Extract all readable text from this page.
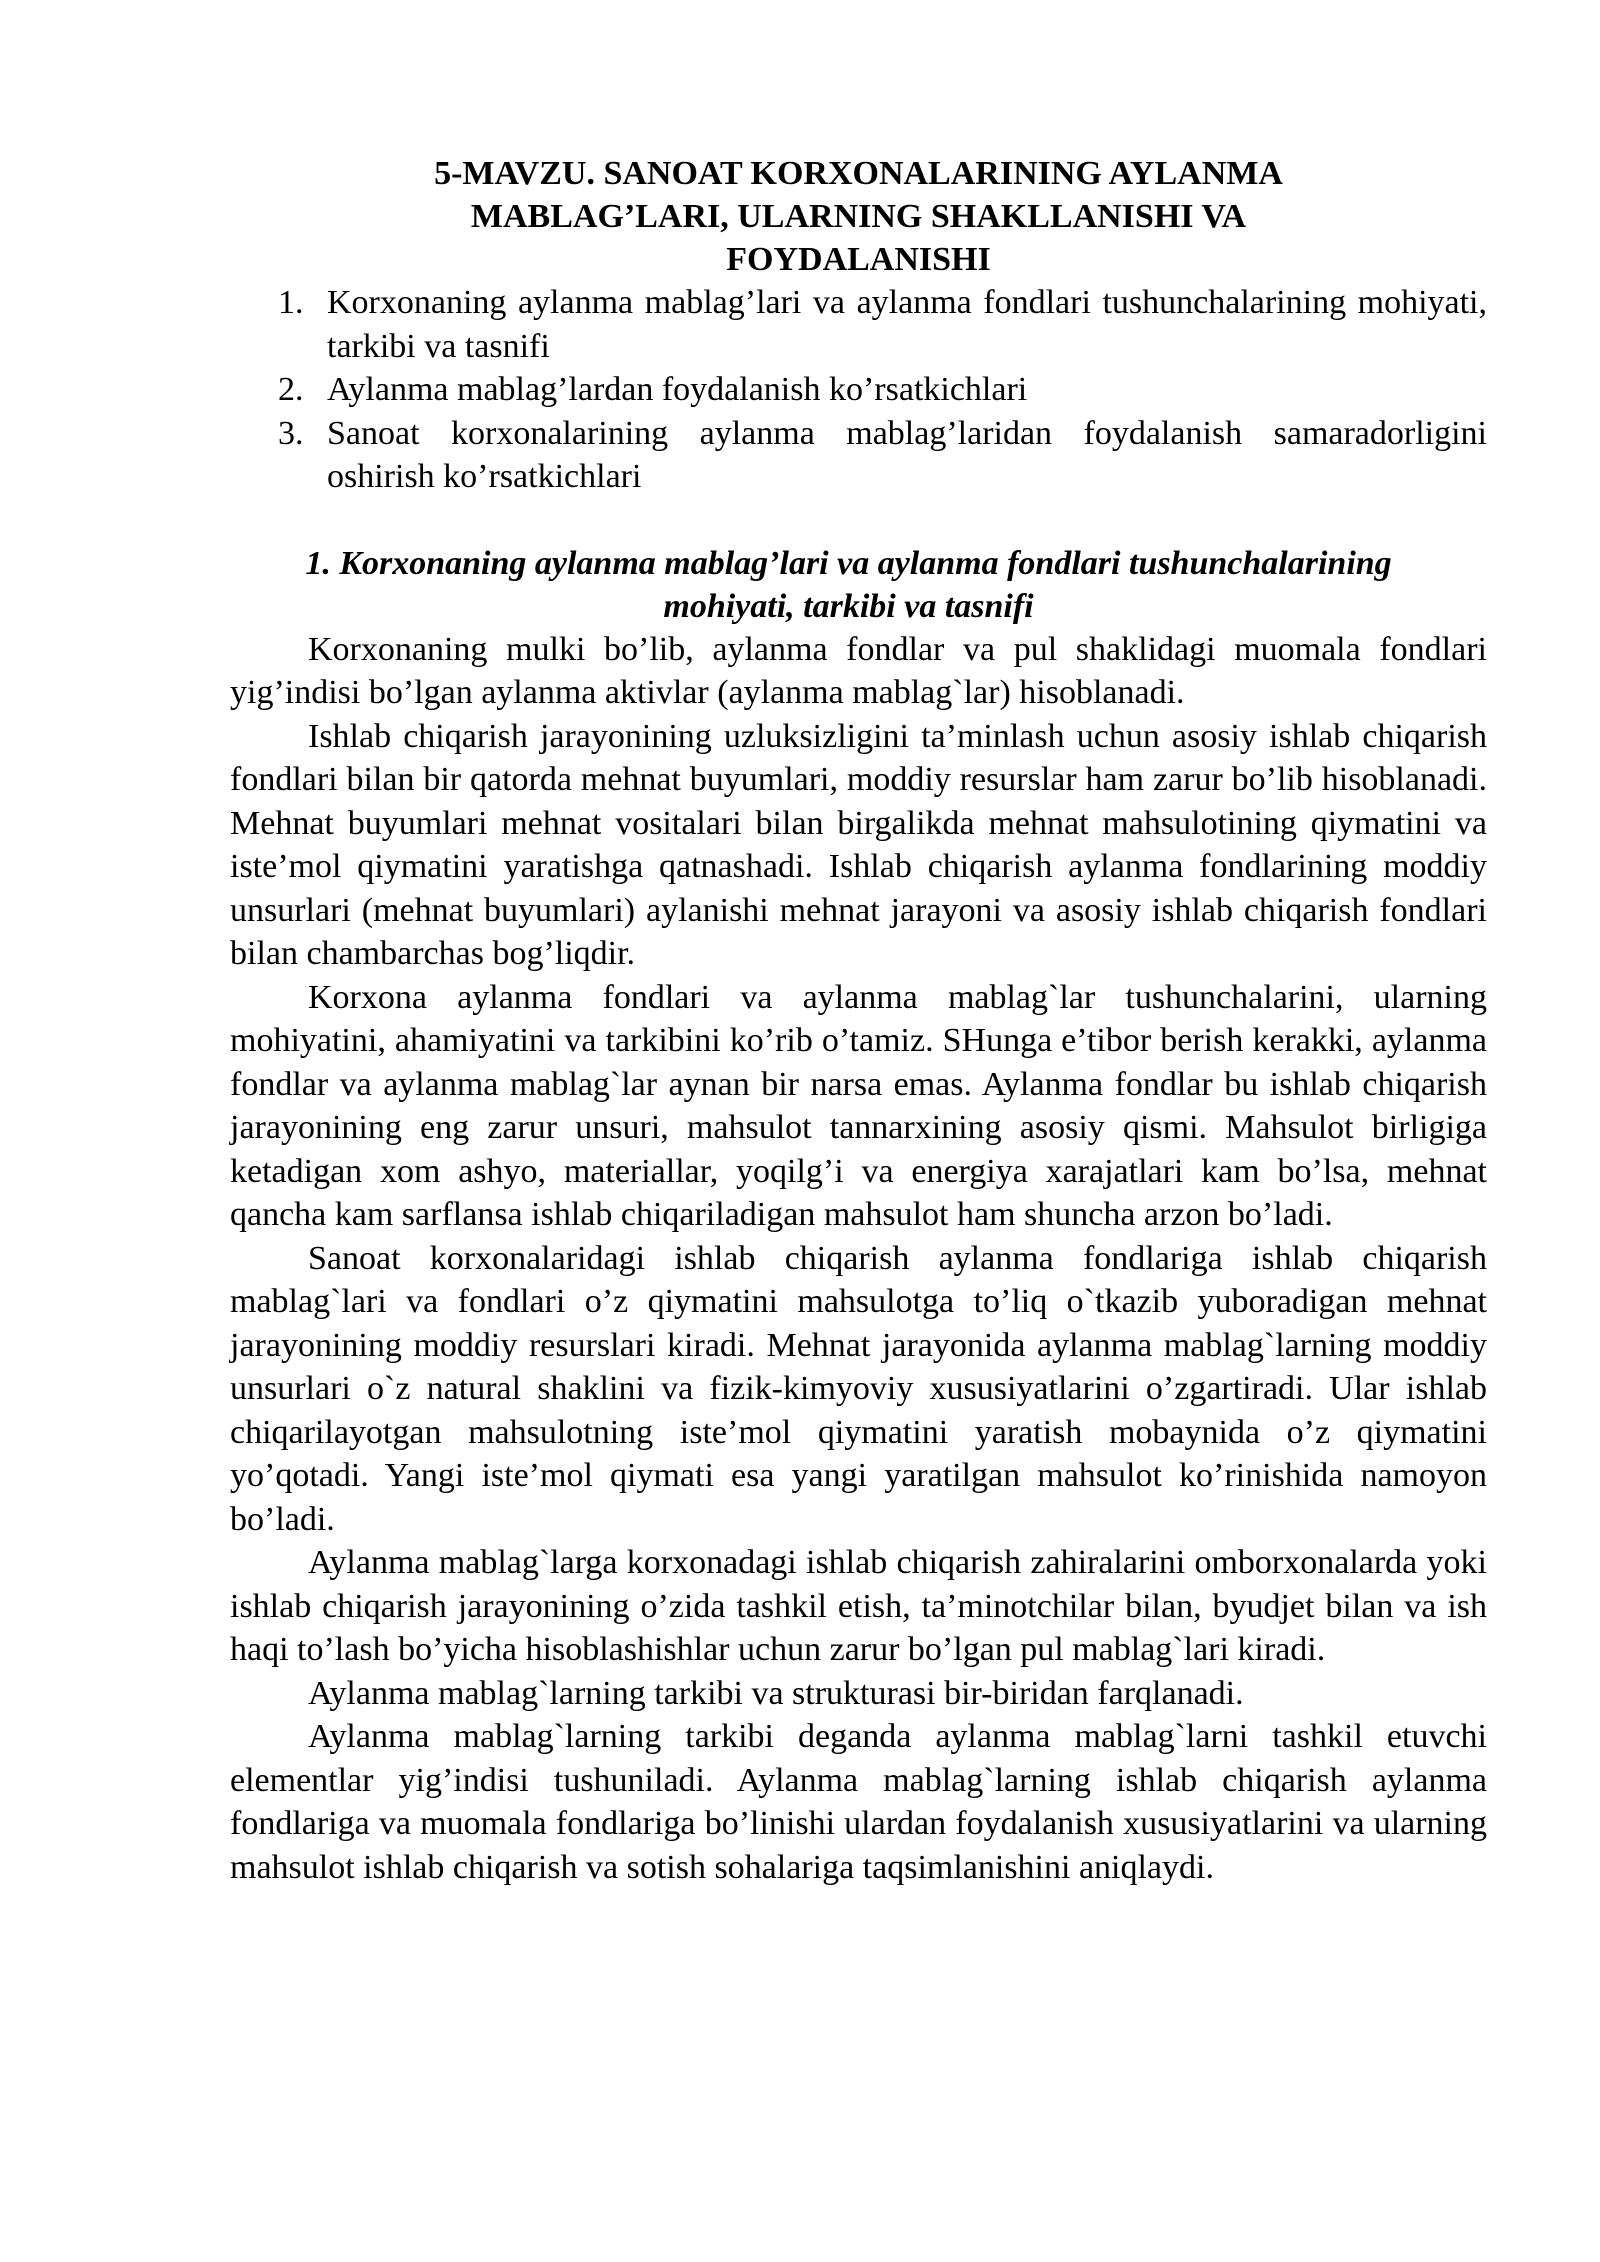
5-MAVZU. SANOAT KORXONALARINING AYLANMA MABLAG’LARI, ULARNING SHAKLLANISHI VA FOYDALANISHI
1. Korxonaning aylanma mablag’lari va aylanma fondlari tushunchalarining mohiyati, tarkibi va tasnifi
2. Aylanma mablag’lardan foydalanish ko’rsatkichlari
3. Sanoat korxonalarining aylanma mablag’laridan foydalanish samaradorligini oshirish ko’rsatkichlari
1. Korxonaning aylanma mablag’lari va aylanma fondlari tushunchalarining mohiyati, tarkibi va tasnifi

Korxonaning mulki bo’lib, aylanma fondlar va pul shaklidagi muomala fondlari yig’indisi bo’lgan aylanma aktivlar (aylanma mablag`lar) hisoblanadi.

Ishlab chiqarish jarayonining uzluksizligini ta’minlash uchun asosiy ishlab chiqarish fondlari bilan bir qatorda mehnat buyumlari, moddiy resurslar ham zarur bo’lib hisoblanadi. Mehnat buyumlari mehnat vositalari bilan birgalikda mehnat mahsulotining qiymatini va iste’mol qiymatini yaratishga qatnashadi. Ishlab chiqarish aylanma fondlarining moddiy unsurlari (mehnat buyumlari) aylanishi mehnat jarayoni va asosiy ishlab chiqarish fondlari bilan chambarchas bog’liqdir.

Korxona aylanma fondlari va aylanma mablag`lar tushunchalarini, ularning mohiyatini, ahamiyatini va tarkibini ko’rib o’tamiz. SHunga e’tibor berish kerakki, aylanma fondlar va aylanma mablag`lar aynan bir narsa emas. Aylanma fondlar bu ishlab chiqarish jarayonining eng zarur unsuri, mahsulot tannarxining asosiy qismi. Mahsulot birligiga ketadigan xom ashyo, materiallar, yoqilg’i va energiya xarajatlari kam bo’lsa, mehnat qancha kam sarflansa ishlab chiqariladigan mahsulot ham shuncha arzon bo’ladi.

Sanoat korxonalaridagi ishlab chiqarish aylanma fondlariga ishlab chiqarish mablag`lari va fondlari o’z qiymatini mahsulotga to’liq o`tkazib yuboradigan mehnat jarayonining moddiy resurslari kiradi. Mehnat jarayonida aylanma mablag`larning moddiy unsurlari o`z natural shaklini va fizik-kimyoviy xususiyatlarini o’zgartiradi. Ular ishlab chiqarilayotgan mahsulotning iste’mol qiymatini yaratish mobaynida o’z qiymatini yo’qotadi. Yangi iste’mol qiymati esa yangi yaratilgan mahsulot ko’rinishida namoyon bo’ladi.

Aylanma mablag`larga korxonadagi ishlab chiqarish zahiralarini omborxonalarda yoki ishlab chiqarish jarayonining o’zida tashkil etish, ta’minotchilar bilan, byudjet bilan va ish haqi to’lash bo’yicha hisoblashishlar uchun zarur bo’lgan pul mablag`lari kiradi.

Aylanma mablag`larning tarkibi va strukturasi bir-biridan farqlanadi.

Aylanma mablag`larning tarkibi deganda aylanma mablag`larni tashkil etuvchi elementlar yig’indisi tushuniladi. Aylanma mablag`larning ishlab chiqarish aylanma fondlariga va muomala fondlariga bo’linishi ulardan foydalanish xususiyatlarini va ularning mahsulot ishlab chiqarish va sotish sohalariga taqsimlanishini aniqlaydi.
